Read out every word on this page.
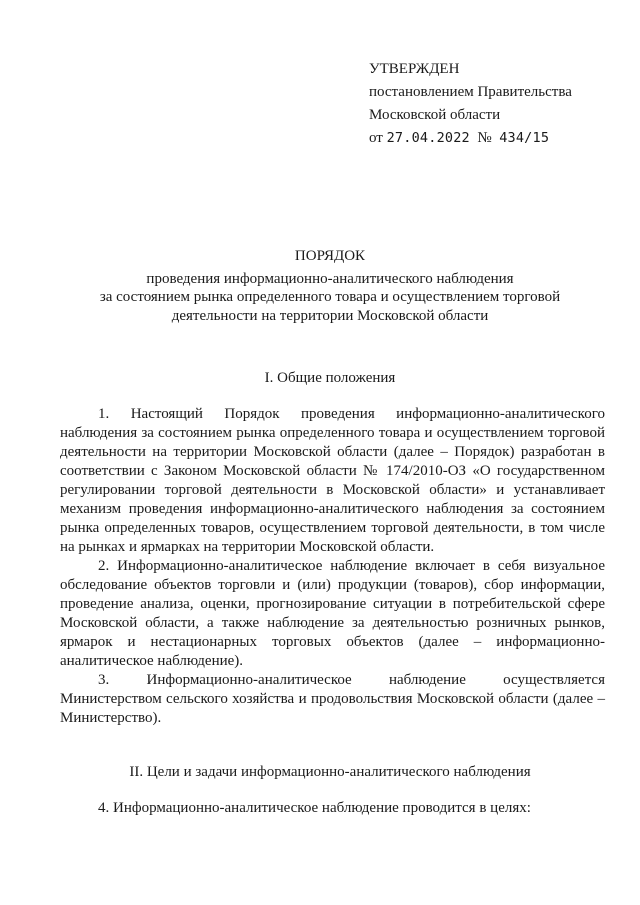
УТВЕРЖДЕН
постановлением Правительства
Московской области
от 27.04.2022 № 434/15
ПОРЯДОК
проведения информационно-аналитического наблюдения
за состоянием рынка определенного товара и осуществлением торговой
деятельности на территории Московской области
I. Общие положения

1. Настоящий Порядок проведения информационно-аналитического наблюдения за состоянием рынка определенного товара и осуществлением торговой деятельности на территории Московской области (далее – Порядок) разработан в соответствии с Законом Московской области № 174/2010-ОЗ «О государственном регулировании торговой деятельности в Московской области» и устанавливает механизм проведения информационно-аналитического наблюдения за состоянием рынка определенных товаров, осуществлением торговой деятельности, в том числе на рынках и ярмарках на территории Московской области.

2. Информационно-аналитическое наблюдение включает в себя визуальное обследование объектов торговли и (или) продукции (товаров), сбор информации, проведение анализа, оценки, прогнозирование ситуации в потребительской сфере Московской области, а также наблюдение за деятельностью розничных рынков, ярмарок и нестационарных торговых объектов (далее – информационно-аналитическое наблюдение).

3. Информационно-аналитическое наблюдение осуществляется Министерством сельского хозяйства и продовольствия Московской области (далее – Министерство).

II. Цели и задачи информационно-аналитического наблюдения

4. Информационно-аналитическое наблюдение проводится в целях:
